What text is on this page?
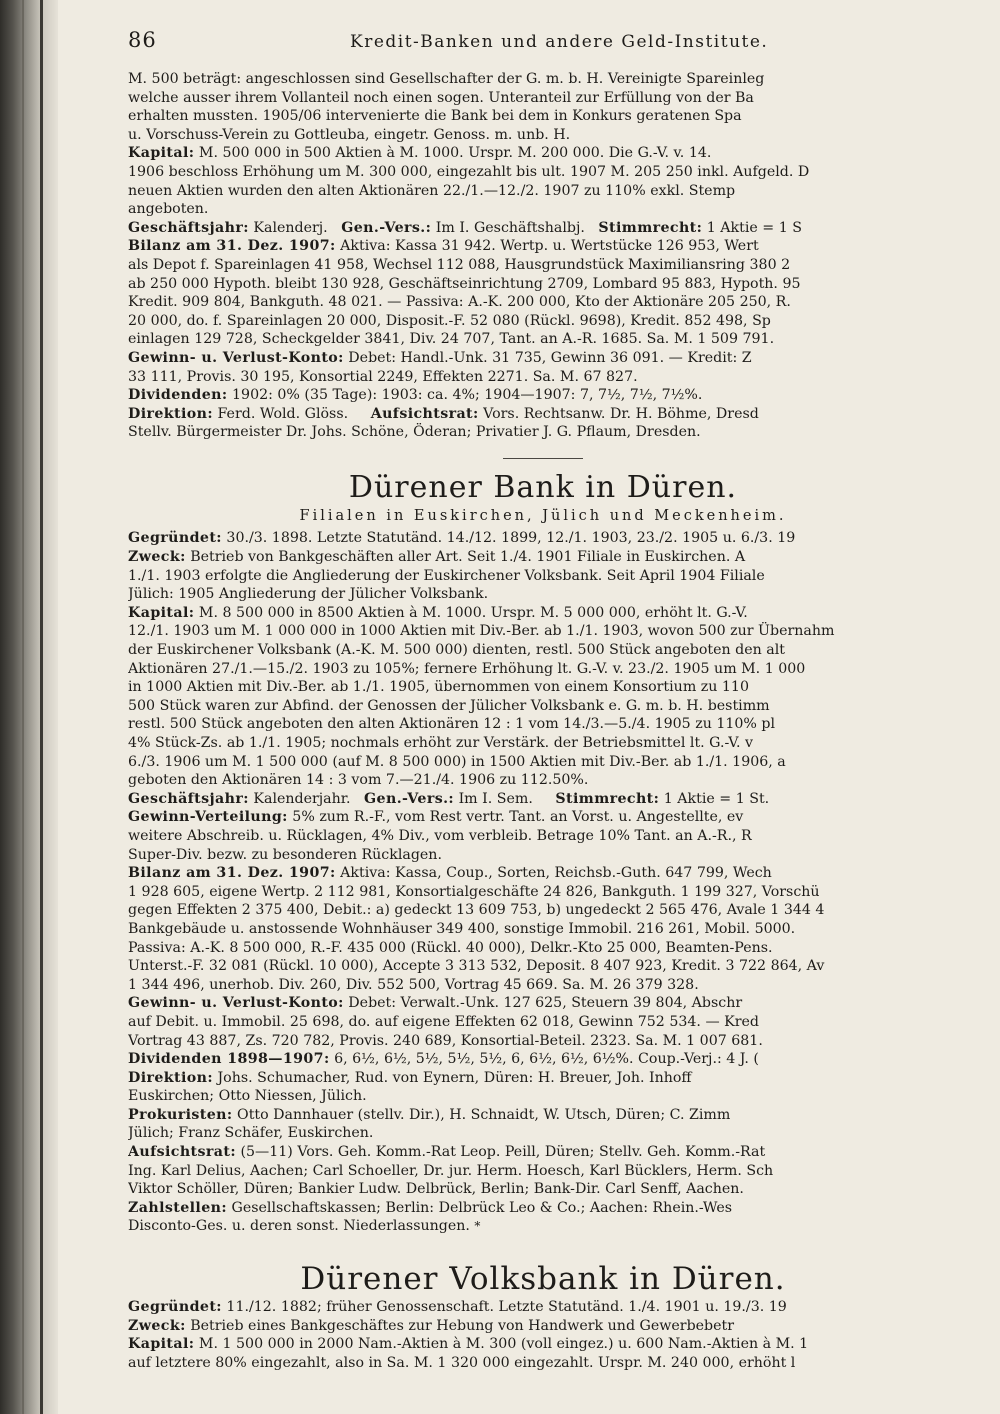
86	Kredit-Banken und andere Geld-Institute.
M. 500 beträgt: angeschlossen sind Gesellschafter der G. m. b. H. Vereinigte Spareinleg
welche ausser ihrem Vollanteil noch einen sogen. Unteranteil zur Erfüllung von der Ba
erhalten mussten. 1905/06 intervenierte die Bank bei dem in Konkurs geratenen Spa
u. Vorschuss-Verein zu Gottleuba, eingetr. Genoss. m. unb. H.
Kapital: M. 500 000 in 500 Aktien à M. 1000. Urspr. M. 200 000. Die G.-V. v. 14.
1906 beschloss Erhöhung um M. 300 000, eingezahlt bis ult. 1907 M. 205 250 inkl. Aufgeld. D
neuen Aktien wurden den alten Aktionären 22./1.—12./2. 1907 zu 110% exkl. Stemp
angeboten.
Geschäftsjahr: Kalenderj. Gen.-Vers.: Im I. Geschäftshalbj. Stimmrecht: 1 Aktie = 1 S
Bilanz am 31. Dez. 1907: Aktiva: Kassa 31 942. Wertp. u. Wertstücke 126 953, Wert
als Depot f. Spareinlagen 41 958, Wechsel 112 088, Hausgrundstück Maximiliansring 380 2
ab 250 000 Hypoth. bleibt 130 928, Geschäftseinrichtung 2709, Lombard 95 883, Hypoth. 95
Kredit. 909 804, Bankguth. 48 021. — Passiva: A.-K. 200 000, Kto der Aktionäre 205 250, R.
20 000, do. f. Spareinlagen 20 000, Disposit.-F. 52 080 (Rückl. 9698), Kredit. 852 498, Sp
einlagen 129 728, Scheckgelder 3841, Div. 24 707, Tant. an A.-R. 1685. Sa. M. 1 509 791.
Gewinn- u. Verlust-Konto: Debet: Handl.-Unk. 31 735, Gewinn 36 091. — Kredit: Z
33 111, Provis. 30 195, Konsortial 2249, Effekten 2271. Sa. M. 67 827.
Dividenden: 1902: 0% (35 Tage): 1903: ca. 4%; 1904—1907: 7, 7½, 7½, 7½%.
Direktion: Ferd. Wold. Glöss. Aufsichtsrat: Vors. Rechtsanw. Dr. H. Böhme, Dresd
Stellv. Bürgermeister Dr. Johs. Schöne, Öderan; Privatier J. G. Pflaum, Dresden.
Dürener Bank in Düren.
Filialen in Euskirchen, Jülich und Meckenheim.
Gegründet: 30./3. 1898. Letzte Statutänd. 14./12. 1899, 12./1. 1903, 23./2. 1905 u. 6./3. 19
Zweck: Betrieb von Bankgeschäften aller Art. Seit 1./4. 1901 Filiale in Euskirchen. A
1./1. 1903 erfolgte die Angliederung der Euskirchener Volksbank. Seit April 1904 Filiale
Jülich: 1905 Angliederung der Jülicher Volksbank.
Kapital: M. 8 500 000 in 8500 Aktien à M. 1000. Urspr. M. 5 000 000, erhöht lt. G.-V.
12./1. 1903 um M. 1 000 000 in 1000 Aktien mit Div.-Ber. ab 1./1. 1903, wovon 500 zur Übernahm
der Euskirchener Volksbank (A.-K. M. 500 000) dienten, restl. 500 Stück angeboten den alt
Aktionären 27./1.—15./2. 1903 zu 105%; fernere Erhöhung lt. G.-V. v. 23./2. 1905 um M. 1 000
in 1000 Aktien mit Div.-Ber. ab 1./1. 1905, übernommen von einem Konsortium zu 110
500 Stück waren zur Abfind. der Genossen der Jülicher Volksbank e. G. m. b. H. bestimm
restl. 500 Stück angeboten den alten Aktionären 12 : 1 vom 14./3.—5./4. 1905 zu 110% pl
4% Stück-Zs. ab 1./1. 1905; nochmals erhöht zur Verstärk. der Betriebsmittel lt. G.-V. v
6./3. 1906 um M. 1 500 000 (auf M. 8 500 000) in 1500 Aktien mit Div.-Ber. ab 1./1. 1906, a
geboten den Aktionären 14 : 3 vom 7.—21./4. 1906 zu 112.50%.
Geschäftsjahr: Kalenderjahr. Gen.-Vers.: Im I. Sem. Stimmrecht: 1 Aktie = 1 St.
Gewinn-Verteilung: 5% zum R.-F., vom Rest vertr. Tant. an Vorst. u. Angestellte, ev
weitere Abschreib. u. Rücklagen, 4% Div., vom verbleib. Betrage 10% Tant. an A.-R., R
Super-Div. bezw. zu besonderen Rücklagen.
Bilanz am 31. Dez. 1907: Aktiva: Kassa, Coup., Sorten, Reichsb.-Guth. 647 799, Wech
1 928 605, eigene Wertp. 2 112 981, Konsortialgeschäfte 24 826, Bankguth. 1 199 327, Vorschü
gegen Effekten 2 375 400, Debit.: a) gedeckt 13 609 753, b) ungedeckt 2 565 476, Avale 1 344 4
Bankgebäude u. anstossende Wohnhäuser 349 400, sonstige Immobil. 216 261, Mobil. 5000.
Passiva: A.-K. 8 500 000, R.-F. 435 000 (Rückl. 40 000), Delkr.-Kto 25 000, Beamten-Pens.
Unterst.-F. 32 081 (Rückl. 10 000), Accepte 3 313 532, Deposit. 8 407 923, Kredit. 3 722 864, Av
1 344 496, unerhob. Div. 260, Div. 552 500, Vortrag 45 669. Sa. M. 26 379 328.
Gewinn- u. Verlust-Konto: Debet: Verwalt.-Unk. 127 625, Steuern 39 804, Abschr
auf Debit. u. Immobil. 25 698, do. auf eigene Effekten 62 018, Gewinn 752 534. — Kred
Vortrag 43 887, Zs. 720 782, Provis. 240 689, Konsortial-Beteil. 2323. Sa. M. 1 007 681.
Dividenden 1898—1907: 6, 6½, 6½, 5½, 5½, 5½, 6, 6½, 6½, 6½%. Coup.-Verj.: 4 J. (
Direktion: Johs. Schumacher, Rud. von Eynern, Düren: H. Breuer, Joh. Inhoff
Euskirchen; Otto Niessen, Jülich.
Prokuristen: Otto Dannhauer (stellv. Dir.), H. Schnaidt, W. Utsch, Düren; C. Zimm
Jülich; Franz Schäfer, Euskirchen.
Aufsichtsrat: (5—11) Vors. Geh. Komm.-Rat Leop. Peill, Düren; Stellv. Geh. Komm.-Rat
Ing. Karl Delius, Aachen; Carl Schoeller, Dr. jur. Herm. Hoesch, Karl Bücklers, Herm. Sch
Viktor Schöller, Düren; Bankier Ludw. Delbrück, Berlin; Bank-Dir. Carl Senff, Aachen.
Zahlstellen: Gesellschaftskassen; Berlin: Delbrück Leo & Co.; Aachen: Rhein.-Wes
Disconto-Ges. u. deren sonst. Niederlassungen. *
Dürener Volksbank in Düren.
Gegründet: 11./12. 1882; früher Genossenschaft. Letzte Statutänd. 1./4. 1901 u. 19./3. 19
Zweck: Betrieb eines Bankgeschäftes zur Hebung von Handwerk und Gewerbebetr
Kapital: M. 1 500 000 in 2000 Nam.-Aktien à M. 300 (voll eingez.) u. 600 Nam.-Aktien à M. 1
auf letztere 80% eingezahlt, also in Sa. M. 1 320 000 eingezahlt. Urspr. M. 240 000, erhöht l
